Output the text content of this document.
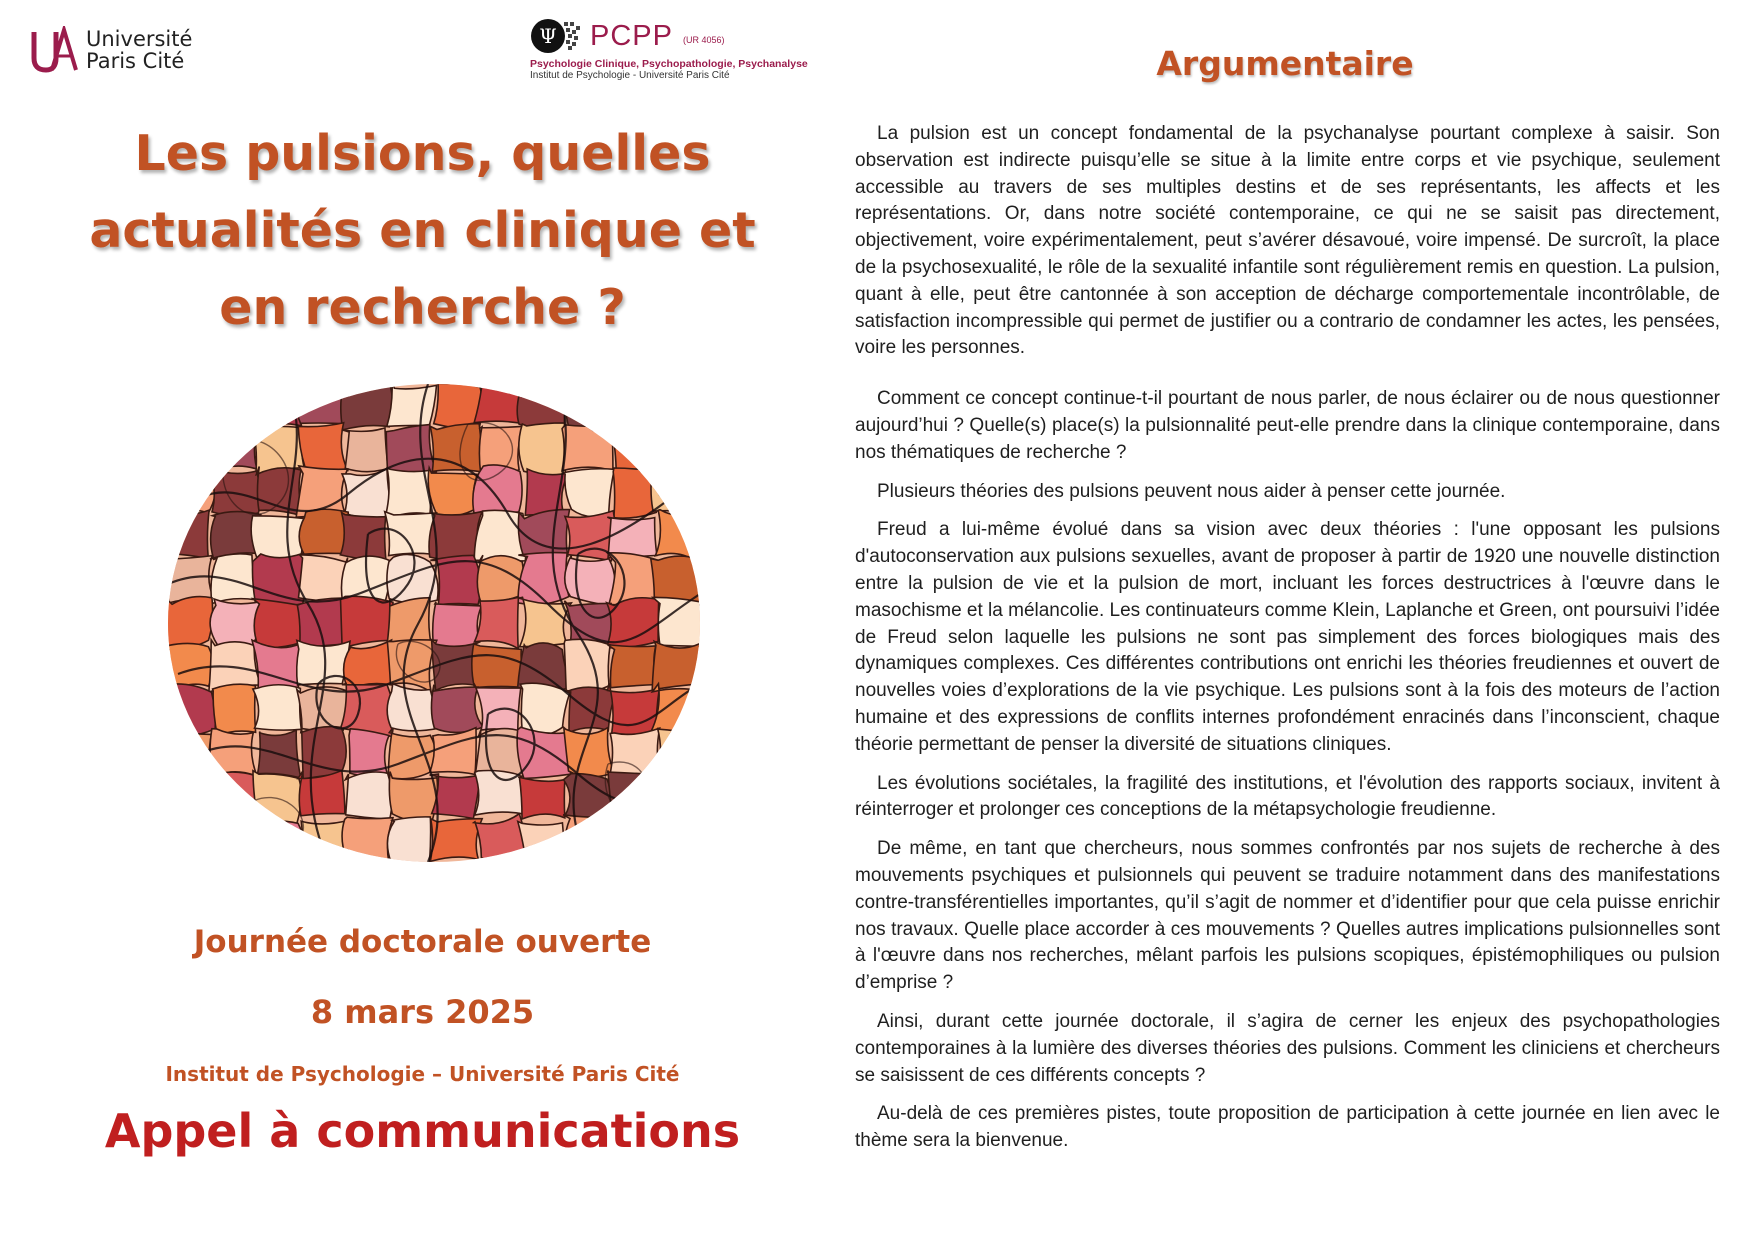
Université
Paris Cité
Ψ PCPP (UR 4056)
Psychologie Clinique, Psychopathologie, Psychanalyse
Institut de Psychologie - Université Paris Cité
Les pulsions, quelles
actualités en clinique et
en recherche ?
Journée doctorale ouverte
8 mars 2025
Institut de Psychologie – Université Paris Cité
Appel à communications
Argumentaire

La pulsion est un concept fondamental de la psychanalyse pourtant complexe à saisir. Son observation est indirecte puisqu’elle se situe à la limite entre corps et vie psychique, seulement accessible au travers de ses multiples destins et de ses représentants, les affects et les représentations. Or, dans notre société contemporaine, ce qui ne se saisit pas directement, objectivement, voire expérimentalement, peut s’avérer désavoué, voire impensé. De surcroît, la place de la psychosexualité, le rôle de la sexualité infantile sont régulièrement remis en question. La pulsion, quant à elle, peut être cantonnée à son acception de décharge comportementale incontrôlable, de satisfaction incompressible qui permet de justifier ou a contrario de condamner les actes, les pensées, voire les personnes.

Comment ce concept continue-t-il pourtant de nous parler, de nous éclairer ou de nous questionner aujourd’hui ? Quelle(s) place(s) la pulsionnalité peut-elle prendre dans la clinique contemporaine, dans nos thématiques de recherche ?

Plusieurs théories des pulsions peuvent nous aider à penser cette journée.

Freud a lui-même évolué dans sa vision avec deux théories : l'une opposant les pulsions d'autoconservation aux pulsions sexuelles, avant de proposer à partir de 1920 une nouvelle distinction entre la pulsion de vie et la pulsion de mort, incluant les forces destructrices à l'œuvre dans le masochisme et la mélancolie. Les continuateurs comme Klein, Laplanche et Green, ont poursuivi l’idée de Freud selon laquelle les pulsions ne sont pas simplement des forces biologiques mais des dynamiques complexes. Ces différentes contributions ont enrichi les théories freudiennes et ouvert de nouvelles voies d’explorations de la vie psychique. Les pulsions sont à la fois des moteurs de l’action humaine et des expressions de conflits internes profondément enracinés dans l’inconscient, chaque théorie permettant de penser la diversité de situations cliniques.

Les évolutions sociétales, la fragilité des institutions, et l'évolution des rapports sociaux, invitent à réinterroger et prolonger ces conceptions de la métapsychologie freudienne.

De même, en tant que chercheurs, nous sommes confrontés par nos sujets de recherche à des mouvements psychiques et pulsionnels qui peuvent se traduire notamment dans des manifestations contre-transférentielles importantes, qu’il s’agit de nommer et d’identifier pour que cela puisse enrichir nos travaux. Quelle place accorder à ces mouvements ? Quelles autres implications pulsionnelles sont à l'œuvre dans nos recherches, mêlant parfois les pulsions scopiques, épistémophiliques ou pulsion d’emprise ?

Ainsi, durant cette journée doctorale, il s’agira de cerner les enjeux des psychopathologies contemporaines à la lumière des diverses théories des pulsions. Comment les cliniciens et chercheurs se saisissent de ces différents concepts ?

Au-delà de ces premières pistes, toute proposition de participation à cette journée en lien avec le thème sera la bienvenue.
